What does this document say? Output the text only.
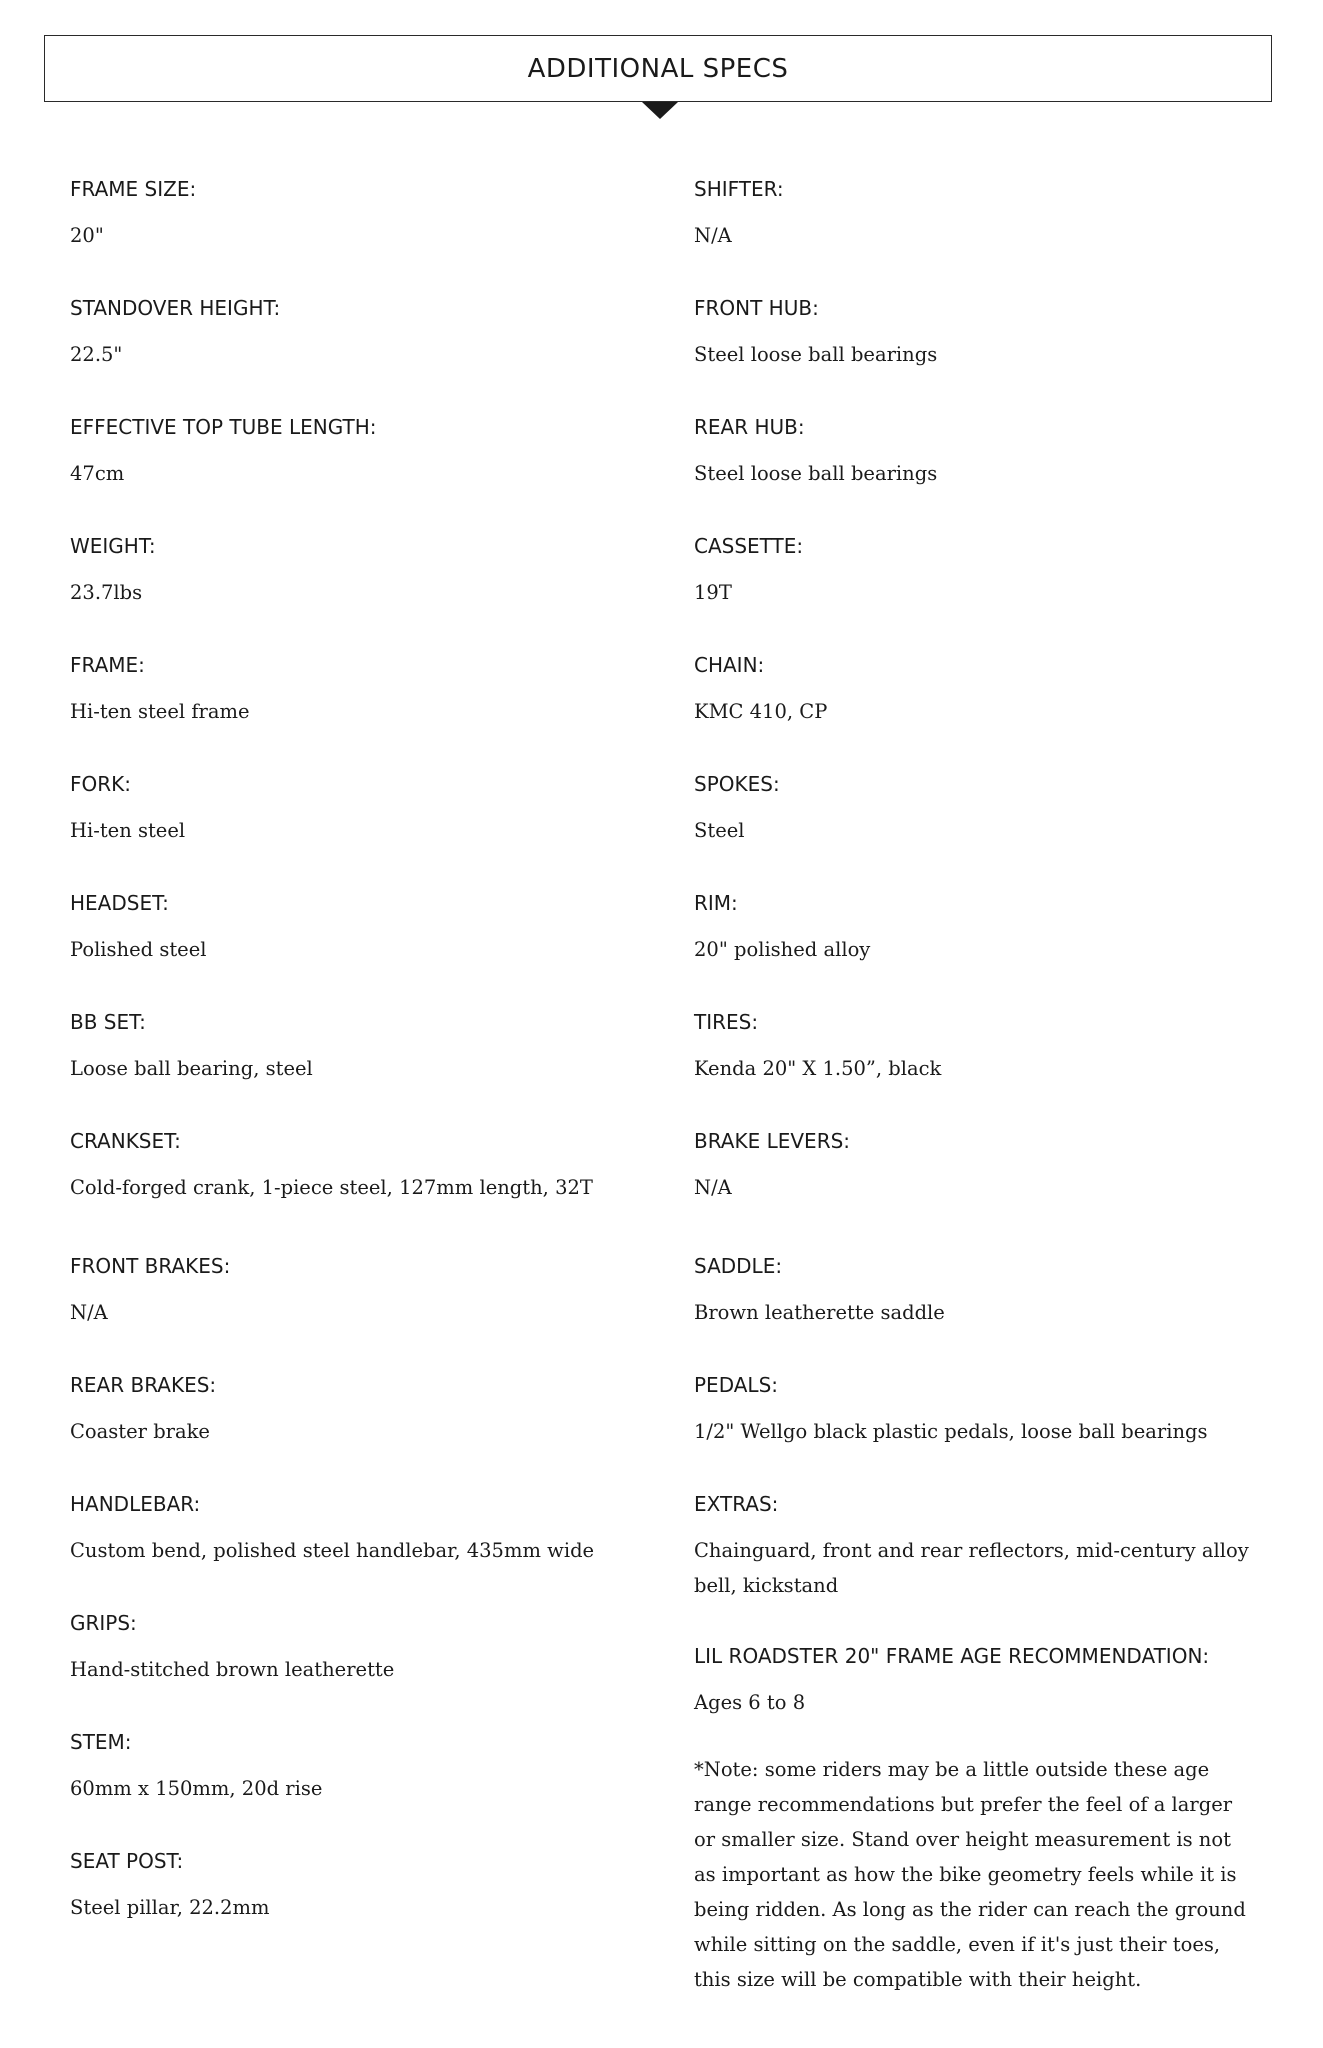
ADDITIONAL SPECS

FRAME SIZE:

20"

STANDOVER HEIGHT:

22.5"

EFFECTIVE TOP TUBE LENGTH:

47cm

WEIGHT:

23.7lbs

FRAME:

Hi-ten steel frame

FORK:

Hi-ten steel

HEADSET:

Polished steel

BB SET:

Loose ball bearing, steel

CRANKSET:

Cold-forged crank, 1-piece steel, 127mm length, 32T

FRONT BRAKES:

N/A

REAR BRAKES:

Coaster brake

HANDLEBAR:

Custom bend, polished steel handlebar, 435mm wide

GRIPS:

Hand-stitched brown leatherette

STEM:

60mm x 150mm, 20d rise

SEAT POST:

Steel pillar, 22.2mm

SHIFTER:

N/A

FRONT HUB:

Steel loose ball bearings

REAR HUB:

Steel loose ball bearings

CASSETTE:

19T

CHAIN:

KMC 410, CP

SPOKES:

Steel

RIM:

20" polished alloy

TIRES:

Kenda 20" X 1.50”, black

BRAKE LEVERS:

N/A

SADDLE:

Brown leatherette saddle

PEDALS:

1/2" Wellgo black plastic pedals, loose ball bearings

EXTRAS:

Chainguard, front and rear reflectors, mid-century alloy bell, kickstand

LIL ROADSTER 20" FRAME AGE RECOMMENDATION:

Ages 6 to 8

*Note: some riders may be a little outside these age range recommendations but prefer the feel of a larger or smaller size. Stand over height measurement is not as important as how the bike geometry feels while it is being ridden. As long as the rider can reach the ground while sitting on the saddle, even if it's just their toes, this size will be compatible with their height.
